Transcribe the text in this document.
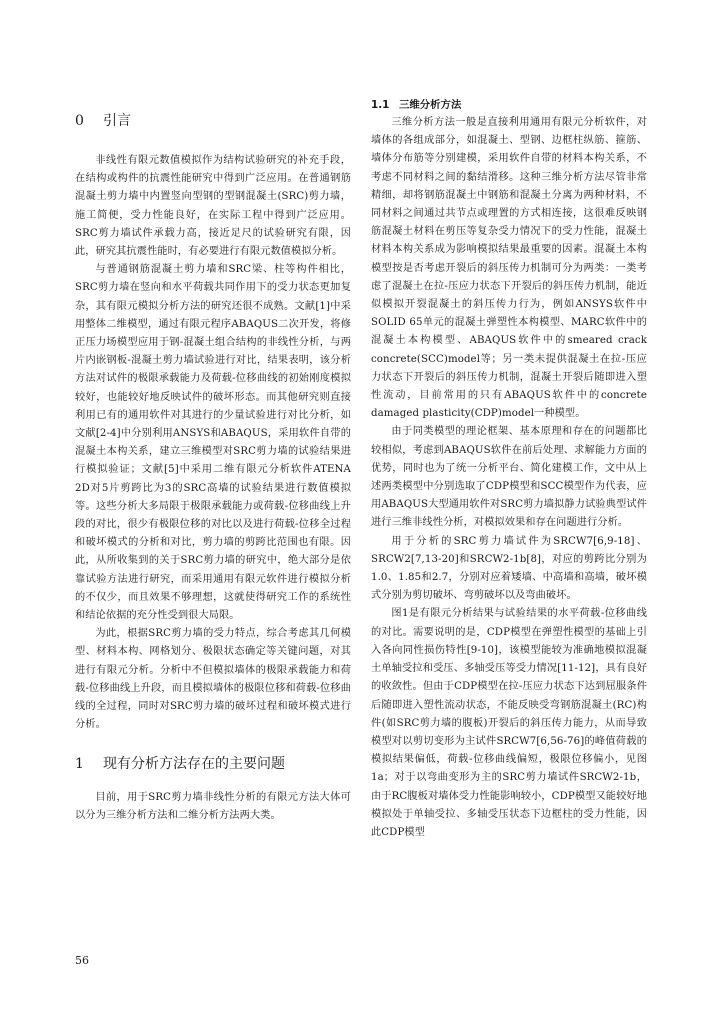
0 引言

非线性有限元数值模拟作为结构试验研究的补充手段，在结构或构件的抗震性能研究中得到广泛应用。在普通钢筋混凝土剪力墙中内置竖向型钢的型钢混凝土(SRC)剪力墙，施工简便，受力性能良好，在实际工程中得到广泛应用。SRC剪力墙试件承载力高，接近足尺的试验研究有限，因此，研究其抗震性能时，有必要进行有限元数值模拟分析。

与普通钢筋混凝土剪力墙和SRC梁、柱等构件相比，SRC剪力墙在竖向和水平荷载共同作用下的受力状态更加复杂，其有限元模拟分析方法的研究还很不成熟。文献[1]中采用整体二维模型，通过有限元程序ABAQUS二次开发，将修正压力场模型应用于钢-混凝土组合结构的非线性分析，与两片内嵌钢板-混凝土剪力墙试验进行对比，结果表明，该分析方法对试件的极限承载能力及荷载-位移曲线的初始刚度模拟较好，也能较好地反映试件的破坏形态。而其他研究则直接利用已有的通用软件对其进行的少量试验进行对比分析，如文献[2-4]中分别利用ANSYS和ABAQUS，采用软件自带的混凝土本构关系，建立三维模型对SRC剪力墙的试验结果进行模拟验证；文献[5]中采用二维有限元分析软件ATENA 2D对5片剪跨比为3的SRC高墙的试验结果进行数值模拟等。这些分析大多局限于极限承载能力或荷载-位移曲线上升段的对比，很少有极限位移的对比以及进行荷载-位移全过程和破坏模式的分析和对比，剪力墙的剪跨比范围也有限。因此，从所收集到的关于SRC剪力墙的研究中，绝大部分是依靠试验方法进行研究，而采用通用有限元软件进行模拟分析的不仅少，而且效果不够理想，这就使得研究工作的系统性和结论依据的充分性受到很大局限。

为此，根据SRC剪力墙的受力特点，综合考虑其几何模型、材料本构、网格划分、极限状态确定等关键问题，对其进行有限元分析。分析中不但模拟墙体的极限承载能力和荷载-位移曲线上升段，而且模拟墙体的极限位移和荷载-位移曲线的全过程，同时对SRC剪力墙的破坏过程和破坏模式进行分析。

1 现有分析方法存在的主要问题

目前，用于SRC剪力墙非线性分析的有限元方法大体可以分为三维分析方法和二维分析方法两大类。

1.1 三维分析方法

三维分析方法一般是直接利用通用有限元分析软件，对墙体的各组成部分，如混凝土、型钢、边框柱纵筋、箍筋、墙体分布筋等分别建模，采用软件自带的材料本构关系，不考虑不同材料之间的黏结滑移。这种三维分析方法尽管非常精细，却将钢筋混凝土中钢筋和混凝土分离为两种材料，不同材料之间通过共节点或理置的方式相连接，这很难反映钢筋混凝土材料在剪压等复杂受力情况下的受力性能，混凝土材料本构关系成为影响模拟结果最重要的因素。混凝土本构模型按是否考虑开裂后的斜压传力机制可分为两类：一类考虑了混凝土在拉-压应力状态下开裂后的斜压传力机制，能近似模拟开裂混凝土的斜压传力行为，例如ANSYS软件中SOLID 65单元的混凝土弹塑性本构模型、MARC软件中的混凝土本构模型、ABAQUS软件中的smeared crack concrete(SCC)model等；另一类未提供混凝土在拉-压应力状态下开裂后的斜压传力机制，混凝土开裂后随即进入塑性流动，目前常用的只有ABAQUS软件中的concrete damaged plasticity(CDP)model一种模型。

由于同类模型的理论框架、基本原理和存在的问题都比较相似，考虑到ABAQUS软件在前后处理、求解能力方面的优势，同时也为了统一分析平台、简化建模工作，文中从上述两类模型中分别选取了CDP模型和SCC模型作为代表，应用ABAQUS大型通用软件对SRC剪力墙拟静力试验典型试件进行三维非线性分析，对模拟效果和存在问题进行分析。

用于分析的SRC剪力墙试件为SRCW7[6,9-18]、SRCW2[7,13-20]和SRCW2-1b[8]，对应的剪跨比分别为1.0、1.85和2.7，分别对应着矮墙、中高墙和高墙，破坏模式分别为剪切破坏、弯剪破坏以及弯曲破坏。

图1是有限元分析结果与试验结果的水平荷载-位移曲线的对比。需要说明的是，CDP模型在弹塑性模型的基础上引入各向同性损伤特性[9-10]，该模型能较为准确地模拟混凝土单轴受拉和受压、多轴受压等受力情况[11-12]，具有良好的收敛性。但由于CDP模型在拉-压应力状态下达到屈服条件后随即进入塑性流动状态，不能反映受弯钢筋混凝土(RC)构件(如SRC剪力墙的腹板)开裂后的斜压传力能力，从而导致模型对以剪切变形为主试件SRCW7[6,56-76]的峰值荷载的模拟结果偏低，荷载-位移曲线偏短，极限位移偏小，见图1a；对于以弯曲变形为主的SRC剪力墙试件SRCW2-1b，由于RC腹板对墙体受力性能影响较小，CDP模型又能较好地模拟处于单轴受拉、多轴受压状态下边框柱的受力性能，因此CDP模型

56
